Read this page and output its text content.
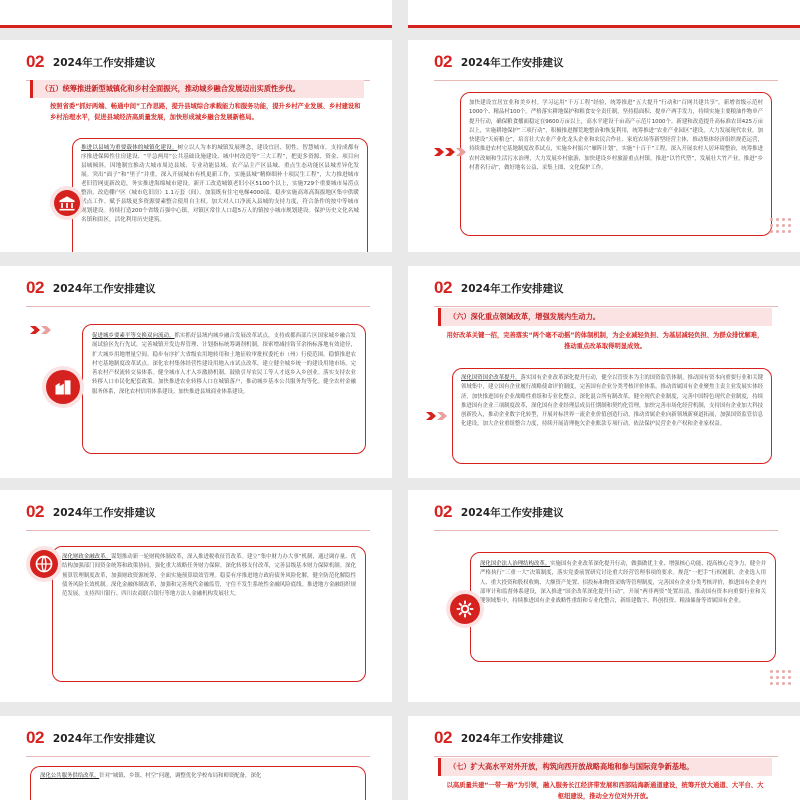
02 2024年工作安排建议
（五）统筹推进新型城镇化和乡村全面振兴，推动城乡融合发展迈出实质性步伐。
按照省委“抓好两端、畅通中间”工作思路，提升县域综合承载能力和服务功能，提升乡村产业发展、乡村建设和乡村治理水平，促进县域经济高质量发展，加快形成城乡融合发展新格局。
推进以县城为重要载体的城镇化建设。树立以人为本的城镇发展理念，建设宜居、韧性、智慧城市，支持成都有序推进保障性住房建设、“平急两用”公共基础设施建设、城中村改造等“三大工程”，把更多资源、资金、项目向县城倾斜。因地制宜推动大城市周边县域、专业功能县域、农产品主产区县城、重点生态功能区县城差异化发展。突出“面子”和“里子”并重，深入开展城市有机更新工作，实施县城“精修细补十项民生工程”，大力推进城市老旧管网更新改造，务实推进海绵城市建设。新开工改造城镇老旧小区5100个以上，实施729个重要城市易涝点整治，改造棚户区（城市危旧房）1.1万套（间），加装既有住宅电梯4000部。稳步实施高寒高海拔地区集中供暖试点工作。赋予县级更多资源要素整合使用自主权。加大对人口净流入县城的支持力度，符合条件的按中等城市规划建设。持续打造200个省级百强中心镇，对镇区常住人口超5万人的镇按小城市规划建设。保护历史文化名城名镇和街区，活化利用历史建筑。
02 2024年工作安排建议
加快建设宜居宜业和美乡村。学习运用“千万工程”经验，统筹推进“五大提升”行动和“百网共建共享”，新增省级示范村1000个、精品村100个。严格落实耕地保护和粮食安全责任制，坚持稳面积、提单产两手发力，持续实施主要粮油作物单产提升行动，确保粮食播面稳定在9600万亩以上，高水平建设千亩高产示范片1000个。新建和改造提升高标准农田425万亩以上，实施耕地保护“三项行动”，积极推进撂荒地整治和恢复利用，统筹推进“农业产业园区”建设，大力发展现代农业，加快建设“天府粮仓”，培育壮大农业产业化龙头企业和农民合作社、家庭农场等新型经营主体，推动集体经济组织规范运营，持续推进农村宅基地制度改革试点，实施乡村振兴“雁阵计划”，实施“十百千”工程，深入开展农村人居环境整治，统筹推进农村改厕和生活污水治理，大力发展乡村旅游，加快建设乡村旅游重点村镇，推进“以竹代塑”，发展壮大竹产业，推进“乡村著名行动”，做好地名公益、采集上图、文化保护工作。
02 2024年工作安排建议
促进城乡要素平等交换双向流动。抓实抓好县域内城乡融合发展改革试点，支持成都西部片区国家城乡融合发展试验区先行先试。完善城镇开发边界管理、计划指标统筹调剂机制，探索增减挂钩节余指标落地有效途径，扩大城乡用地增量空间。稳步有序扩大省级农用地转用和土地征收审批权委托市（州）行使范围。稳慎推进农村宅基地制度改革试点。深化农村集体经营性建设用地入市试点改革，建立健全城乡统一的建设用地市场，完善农村产权流转交易体系。健全城市人才入乡激励机制，鼓励引导农民工等人才返乡入乡创业。落实支持农业转移人口市民化配套政策。加快推进农业转移人口在城镇落户，推动城乡基本公共服务均等化。健全农村金融服务体系，深化农村信用体系建设。加快推进县域商业体系建设。
02 2024年工作安排建议
（六）深化重点领域改革，增强发展内生动力。
用好改革关键一招，完善落实“两个毫不动摇”的体制机制，为企业减轻负担、为基层减轻负担、为群众排忧解难，推动重点改革取得明显成效。
深化国资国企改革提升。落实国有企业改革深化提升行动，健全以管资本为主的国资监管体制，推动国有资本向重要行业和关键领域集中，建立国有企业履行战略使命评价制度，完善国有企业分类考核评价体系，推动省属国有企业聚焦主责主业发展实体经济，加快推进国有企业战略性重组和专业化整合，深化混合所有制改革，健全现代企业制度，完善中国特色现代企业制度，持续推进国有企业三项制度改革，深化国有企业经理层成员任期制和契约化管理，加快完善市场化经营机制，支持国有企业加大科技创新投入，推动企业数字化转型，开展对标世界一流企业价值创造行动，推动省属企业向新领域新赛道拓展，加强国资监管信息化建设，加大企业重组整合力度，持续开展清理拖欠企业账款专项行动，依法保护民营企业产权和企业家权益。
02 2024年工作安排建议
深化财政金融改革。谋划推动新一轮财税体制改革，深入推进税收征管改革。建立“集中财力办大事”机制，通过调存量、优结构加强部门间资金统筹和政策协同，强化重大战略任务财力保障。深化转移支付改革，完善县级基本财力保障机制。深化预算管理制度改革，加强财政资源统筹，全面实施预算绩效管理。稳妥有序推进地方政府债务风险化解，健全防范化解隐性债务风险长效机制。深化金融体制改革，加强和完善现代金融监管，守住不发生系统性金融风险底线。推进地方金融组织规范发展，支持四川银行、四川农商联合银行等地方法人金融机构发展壮大。
02 2024年工作安排建议
深化国企法人治理结构改革。实施国有企业改革深化提升行动，做强做优主业、增强核心功能、提高核心竞争力，健全并严格执行“三重一大”决策制度，落实党委前置研究讨论重大经营管理事项的要求。规范“一把手”行权履职，企业选人用人、重大投资和股权收购、大额资产处置、招投标和物资采购等管理制度，完善国有企业分类考核评价，推进国有企业内部审计和监督体系建设，深入推进“国企改革深化提升行动”，开展“两非两资”处置出清，推动国有资本向重要行业和关键领域集中，持续推进国有企业战略性重组和专业化整合，新组建数字、科创投资、粮油储备等省属国有企业。
02 2024年工作安排建议
深化公共服务供给改革。针对“城镇、乡镇、村空”问题，调整优化学校布局和师资配备，深化
02 2024年工作安排建议
（七）扩大高水平对外开放，构筑向西开放战略高地和参与国际竞争新基地。
以高质量共建“一带一路”为引领，融入服务长江经济带发展和西部陆海新通道建设，统筹开放大通道、大平台、大枢纽建设，推动全方位对外开放。
